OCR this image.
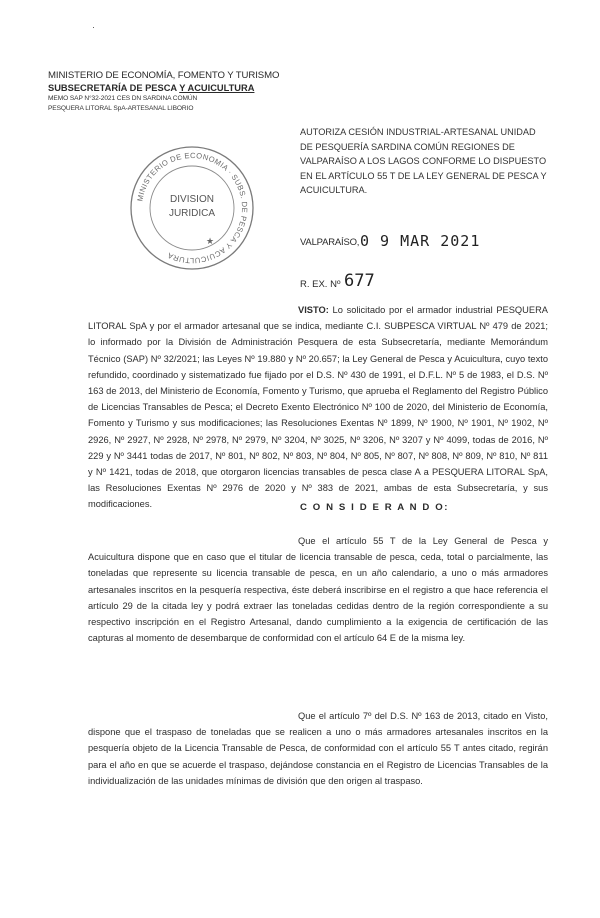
·
MINISTERIO DE ECONOMÍA, FOMENTO Y TURISMO
SUBSECRETARÍA DE PESCA Y ACUICULTURA
MEMO SAP N°32-2021 CES DN SARDINA COMÚN
PESQUERA LITORAL SpA-ARTESANAL LIBORIO
AUTORIZA CESIÓN INDUSTRIAL-ARTESANAL UNIDAD DE PESQUERÍA SARDINA COMÚN REGIONES DE VALPARAÍSO A LOS LAGOS CONFORME LO DISPUESTO EN EL ARTÍCULO 55 T DE LA LEY GENERAL DE PESCA Y ACUICULTURA.
MINISTERIO DE ECONOMIA · SUBS. DE PESCA Y ACUICULTURA
DIVISION
JURIDICA
★	VALPARAÍSO, 0 9 MAR 2021
R. EX. Nº 677
VISTO: Lo solicitado por el armador industrial PESQUERA LITORAL SpA y por el armador artesanal que se indica, mediante C.I. SUBPESCA VIRTUAL Nº 479 de 2021; lo informado por la División de Administración Pesquera de esta Subsecretaría, mediante Memorándum Técnico (SAP) Nº 32/2021; las Leyes Nº 19.880 y Nº 20.657; la Ley General de Pesca y Acuicultura, cuyo texto refundido, coordinado y sistematizado fue fijado por el D.S. Nº 430 de 1991, el D.F.L. Nº 5 de 1983, el D.S. Nº 163 de 2013, del Ministerio de Economía, Fomento y Turismo, que aprueba el Reglamento del Registro Público de Licencias Transables de Pesca; el Decreto Exento Electrónico Nº 100 de 2020, del Ministerio de Economía, Fomento y Turismo y sus modificaciones; las Resoluciones Exentas Nº 1899, Nº 1900, Nº 1901, Nº 1902, Nº 2926, Nº 2927, Nº 2928, Nº 2978, Nº 2979, Nº 3204, Nº 3025, Nº 3206, Nº 3207 y Nº 4099, todas de 2016, Nº 229 y Nº 3441 todas de 2017, Nº 801, Nº 802, Nº 803, Nº 804, Nº 805, Nº 807, Nº 808, Nº 809, Nº 810, Nº 811 y Nº 1421, todas de 2018, que otorgaron licencias transables de pesca clase A a PESQUERA LITORAL SpA, las Resoluciones Exentas Nº 2976 de 2020 y Nº 383 de 2021, ambas de esta Subsecretaría, y sus modificaciones.	C O N S I D E R A N D O:
Que el artículo 55 T de la Ley General de Pesca y Acuicultura dispone que en caso que el titular de licencia transable de pesca, ceda, total o parcialmente, las toneladas que represente su licencia transable de pesca, en un año calendario, a uno o más armadores artesanales inscritos en la pesquería respectiva, éste deberá inscribirse en el registro a que hace referencia el artículo 29 de la citada ley y podrá extraer las toneladas cedidas dentro de la región correspondiente a su respectivo inscripción en el Registro Artesanal, dando cumplimiento a la exigencia de certificación de las capturas al momento de desembarque de conformidad con el artículo 64 E de la misma ley.
Que el artículo 7º del D.S. Nº 163 de 2013, citado en Visto, dispone que el traspaso de toneladas que se realicen a uno o más armadores artesanales inscritos en la pesquería objeto de la Licencia Transable de Pesca, de conformidad con el artículo 55 T antes citado, regirán para el año en que se acuerde el traspaso, dejándose constancia en el Registro de Licencias Transables de la individualización de las unidades mínimas de división que den origen al traspaso.
